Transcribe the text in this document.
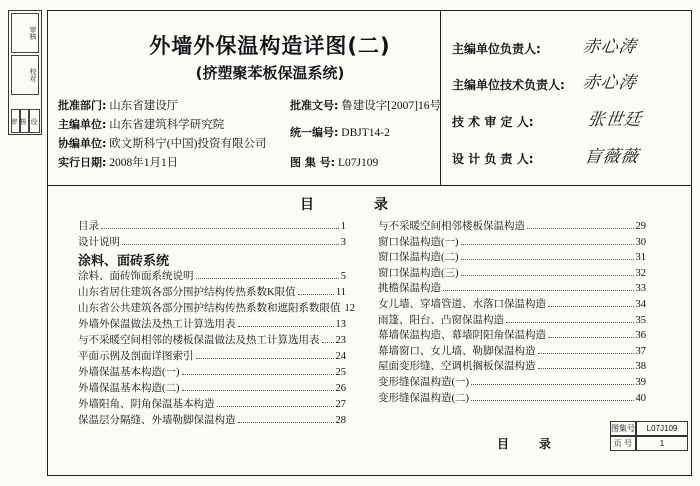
审核
校对
审 核 设
外墙外保温构造详图(二)
(挤塑聚苯板保温系统)
批准部门: 山东省建设厅
主编单位: 山东省建筑科学研究院
协编单位: 欧文斯科宁(中国)投资有限公司
实行日期: 2008年1月1日
批准文号: 鲁建设字[2007]16号
统一编号: DBJT14-2
图 集 号: L07J109
主编单位负责人: 赤心涛
主编单位技术负责人: 赤心涛
技 术 审 定 人:	张世廷
设 计 负 责 人:	盲薇薇
目录
目录	1
设计说明	3
涂料、面砖系统
涂料、面砖饰面系统说明	5
山东省居住建筑各部分围护结构传热系数K限值	11
山东省公共建筑各部分围护结构传热系数和遮阳系数限值 12
外墙外保温做法及热工计算选用表	13
与不采暖空间相邻的楼板保温做法及热工计算选用表 23
平面示例及剖面详图索引	24
外墙保温基本构造(一)	25
外墙保温基本构造(二)	26
外墙阳角、阴角保温基本构造	27
保温层分隔缝、外墙勒脚保温构造	28
与不采暖空间相邻楼板保温构造	29
窗口保温构造(一)	30
窗口保温构造(二)	31
窗口保温构造(三)	32
挑檐保温构造	33
女儿墙、穿墙管道、水落口保温构造	34
雨篷、阳台、凸窗保温构造	35
幕墙保温构造、幕墙阴阳角保温构造	36
幕墙窗口、女儿墙、勒脚保温构造	37
屋面变形缝、空调机搁板保温构造	38
变形缝保温构造(一)	39
变形缝保温构造(二)	40
目录
图集号	L07J109
页 号	1
